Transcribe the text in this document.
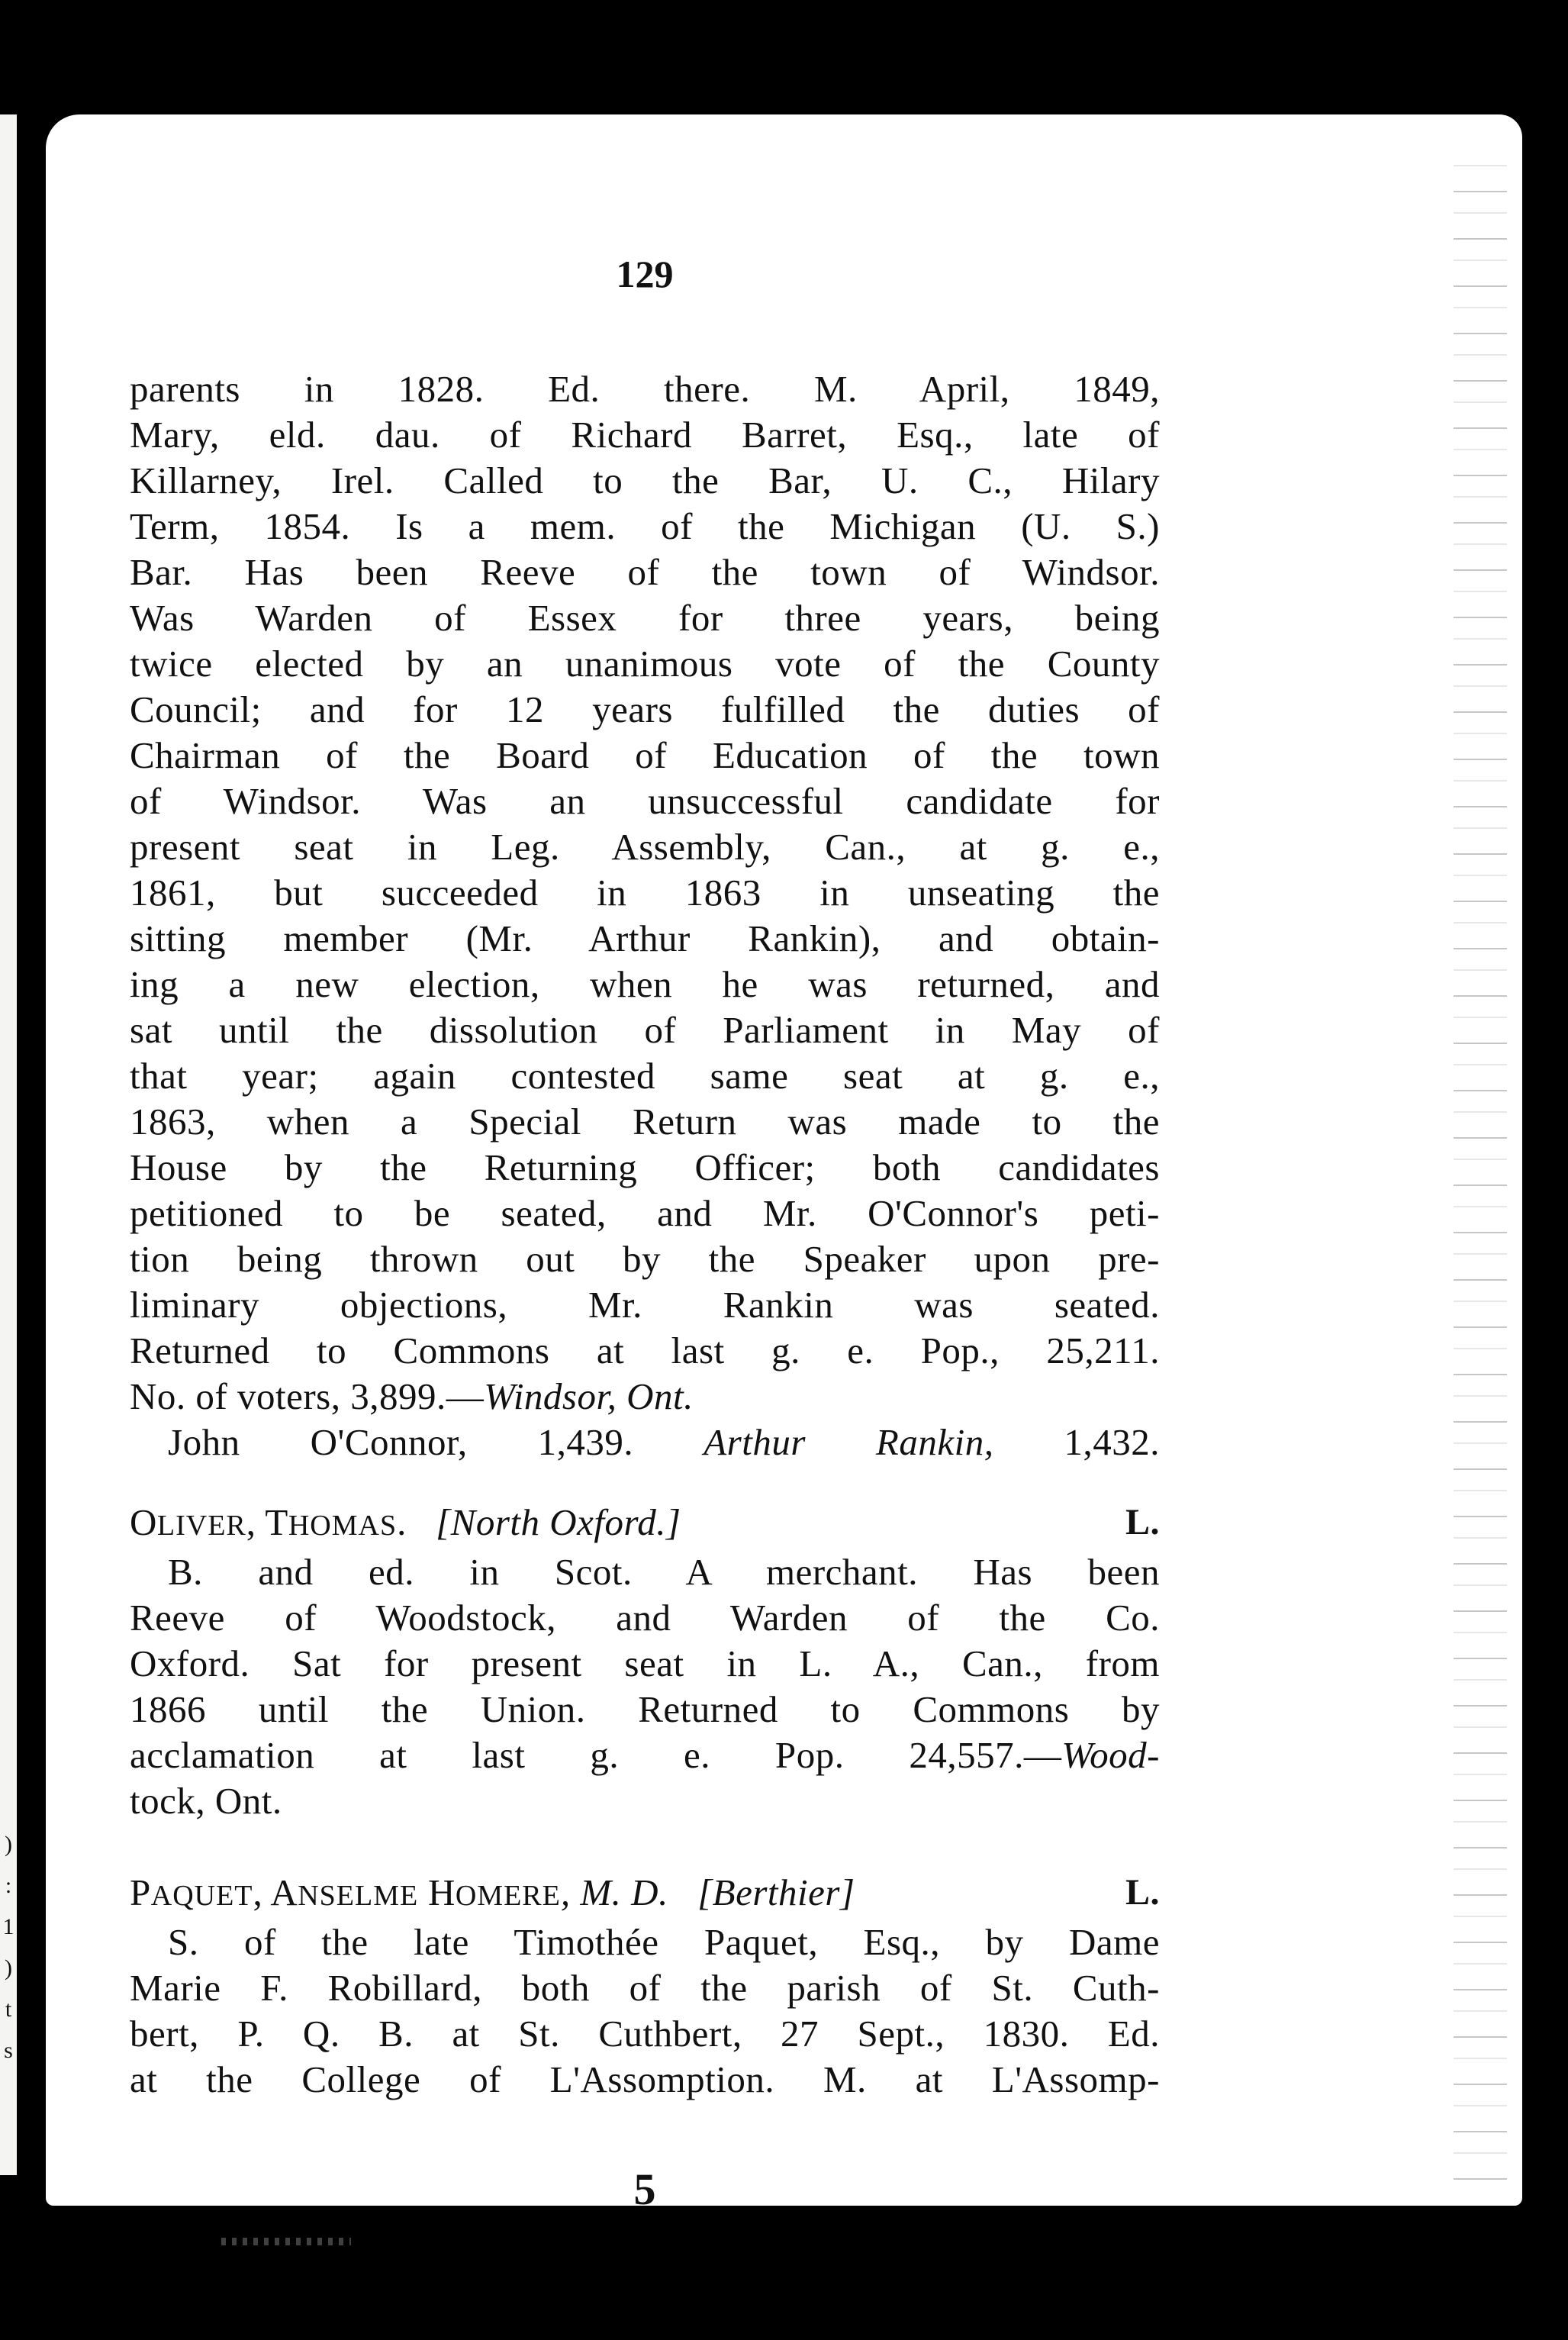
)
:
1
)
t
s
129
parents in 1828. Ed. there. M. April, 1849,
Mary, eld. dau. of Richard Barret, Esq., late of
Killarney, Irel. Called to the Bar, U. C., Hilary
Term, 1854. Is a mem. of the Michigan (U. S.)
Bar. Has been Reeve of the town of Windsor.
Was Warden of Essex for three years, being
twice elected by an unanimous vote of the County
Council; and for 12 years fulfilled the duties of
Chairman of the Board of Education of the town
of Windsor. Was an unsuccessful candidate for
present seat in Leg. Assembly, Can., at g. e.,
1861, but succeeded in 1863 in unseating the
sitting member (Mr. Arthur Rankin), and obtain-
ing a new election, when he was returned, and
sat until the dissolution of Parliament in May of
that year; again contested same seat at g. e.,
1863, when a Special Return was made to the
House by the Returning Officer; both candidates
petitioned to be seated, and Mr. O'Connor's peti-
tion being thrown out by the Speaker upon pre-
liminary objections, Mr. Rankin was seated.
Returned to Commons at last g. e. Pop., 25,211.
No. of voters, 3,899.—Windsor, Ont.
John O'Connor, 1,439. Arthur Rankin, 1,432.
OLIVER, THOMAS. [North Oxford.]	L.
B. and ed. in Scot. A merchant. Has been
Reeve of Woodstock, and Warden of the Co.
Oxford. Sat for present seat in L. A., Can., from
1866 until the Union. Returned to Commons by
acclamation at last g. e. Pop. 24,557.—Wood-
tock, Ont.
PAQUET, ANSELME HOMERE, M. D. [Berthier]	L.
S. of the late Timothée Paquet, Esq., by Dame
Marie F. Robillard, both of the parish of St. Cuth-
bert, P. Q. B. at St. Cuthbert, 27 Sept., 1830. Ed.
at the College of L'Assomption. M. at L'Assomp-
5
